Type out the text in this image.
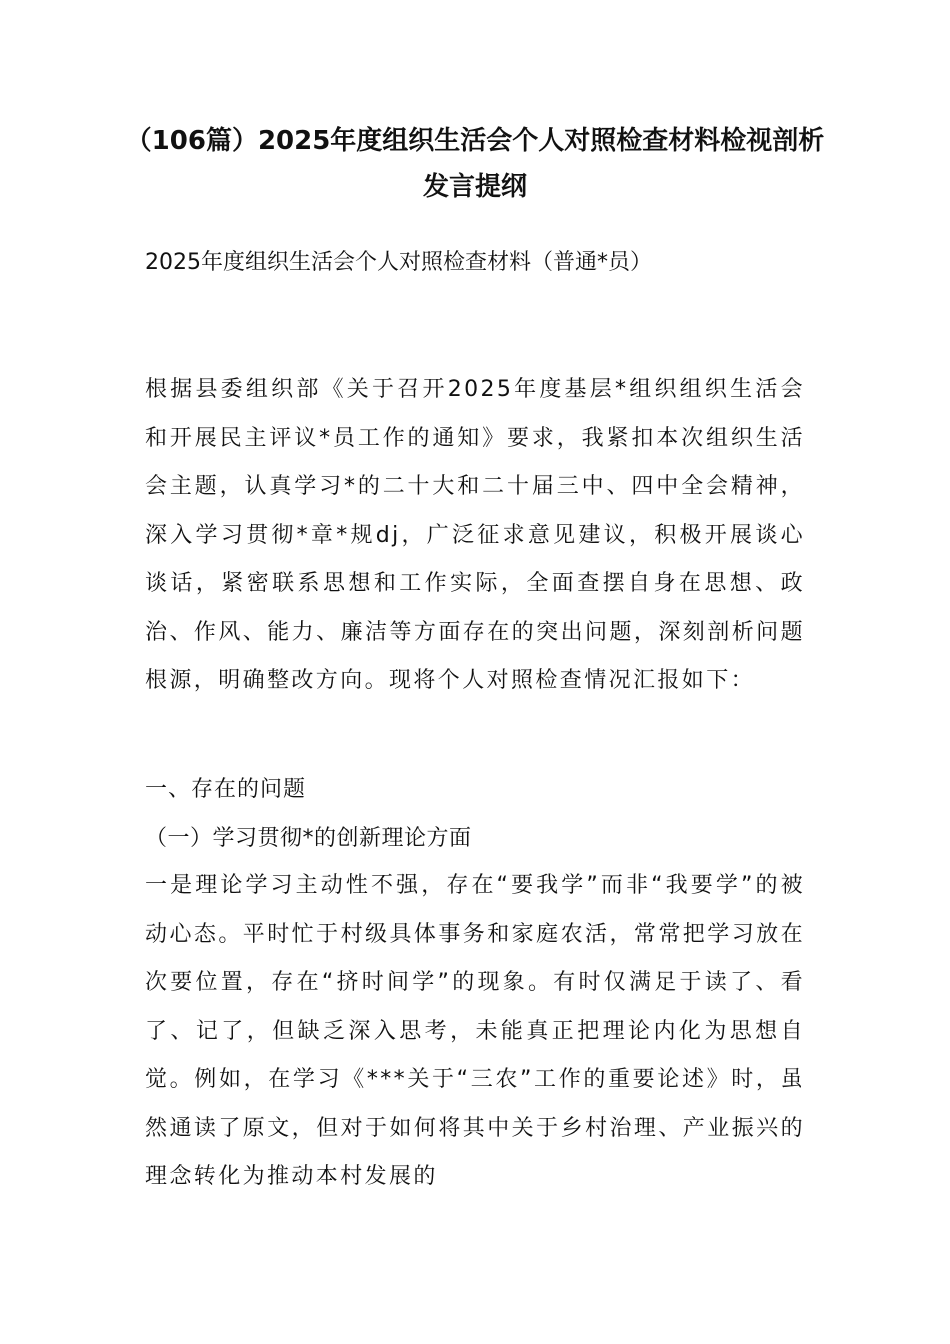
（106篇）2025年度组织生活会个人对照检查材料检视剖析发言提纲

2025年度组织生活会个人对照检查材料（普通*员）

根据县委组织部《关于召开2025年度基层*组织组织生活会和开展民主评议*员工作的通知》要求，我紧扣本次组织生活会主题，认真学习*的二十大和二十届三中、四中全会精神，深入学习贯彻*章*规dj，广泛征求意见建议，积极开展谈心谈话，紧密联系思想和工作实际，全面查摆自身在思想、政治、作风、能力、廉洁等方面存在的突出问题，深刻剖析问题根源，明确整改方向。现将个人对照检查情况汇报如下：

一、存在的问题

（一）学习贯彻*的创新理论方面

一是理论学习主动性不强，存在“要我学”而非“我要学”的被动心态。平时忙于村级具体事务和家庭农活，常常把学习放在次要位置，存在“挤时间学”的现象。有时仅满足于读了、看了、记了，但缺乏深入思考，未能真正把理论内化为思想自觉。例如，在学习《***关于“三农”工作的重要论述》时，虽然通读了原文，但对于如何将其中关于乡村治理、产业振兴的理念转化为推动本村发展的
